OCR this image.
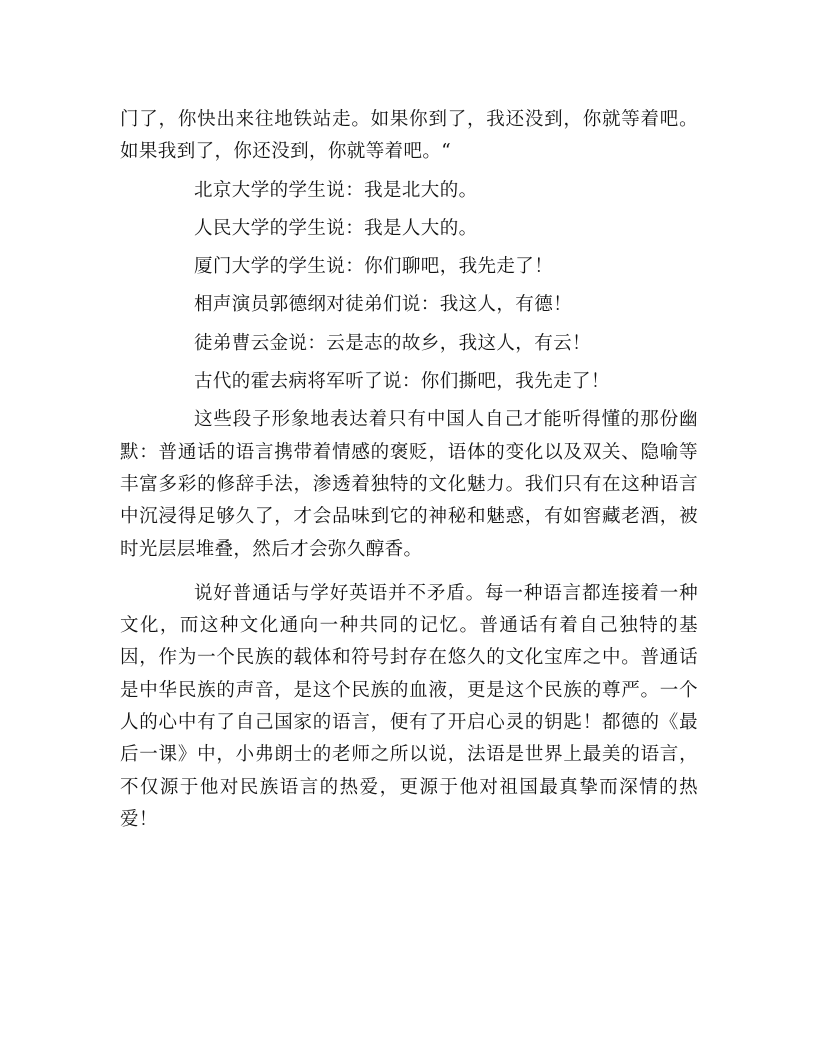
门了，你快出来往地铁站走。如果你到了，我还没到，你就等着吧。如果我到了，你还没到，你就等着吧。“

北京大学的学生说：我是北大的。

人民大学的学生说：我是人大的。

厦门大学的学生说：你们聊吧，我先走了！

相声演员郭德纲对徒弟们说：我这人，有德！

徒弟曹云金说：云是志的故乡，我这人，有云！

古代的霍去病将军听了说：你们撕吧，我先走了！

这些段子形象地表达着只有中国人自己才能听得懂的那份幽默：普通话的语言携带着情感的褒贬，语体的变化以及双关、隐喻等丰富多彩的修辞手法，渗透着独特的文化魅力。我们只有在这种语言中沉浸得足够久了，才会品味到它的神秘和魅惑，有如窖藏老酒，被时光层层堆叠，然后才会弥久醇香。

说好普通话与学好英语并不矛盾。每一种语言都连接着一种文化，而这种文化通向一种共同的记忆。普通话有着自己独特的基因，作为一个民族的载体和符号封存在悠久的文化宝库之中。普通话是中华民族的声音，是这个民族的血液，更是这个民族的尊严。一个人的心中有了自己国家的语言，便有了开启心灵的钥匙！都德的《最后一课》中，小弗朗士的老师之所以说，法语是世界上最美的语言，不仅源于他对民族语言的热爱，更源于他对祖国最真挚而深情的热爱！
